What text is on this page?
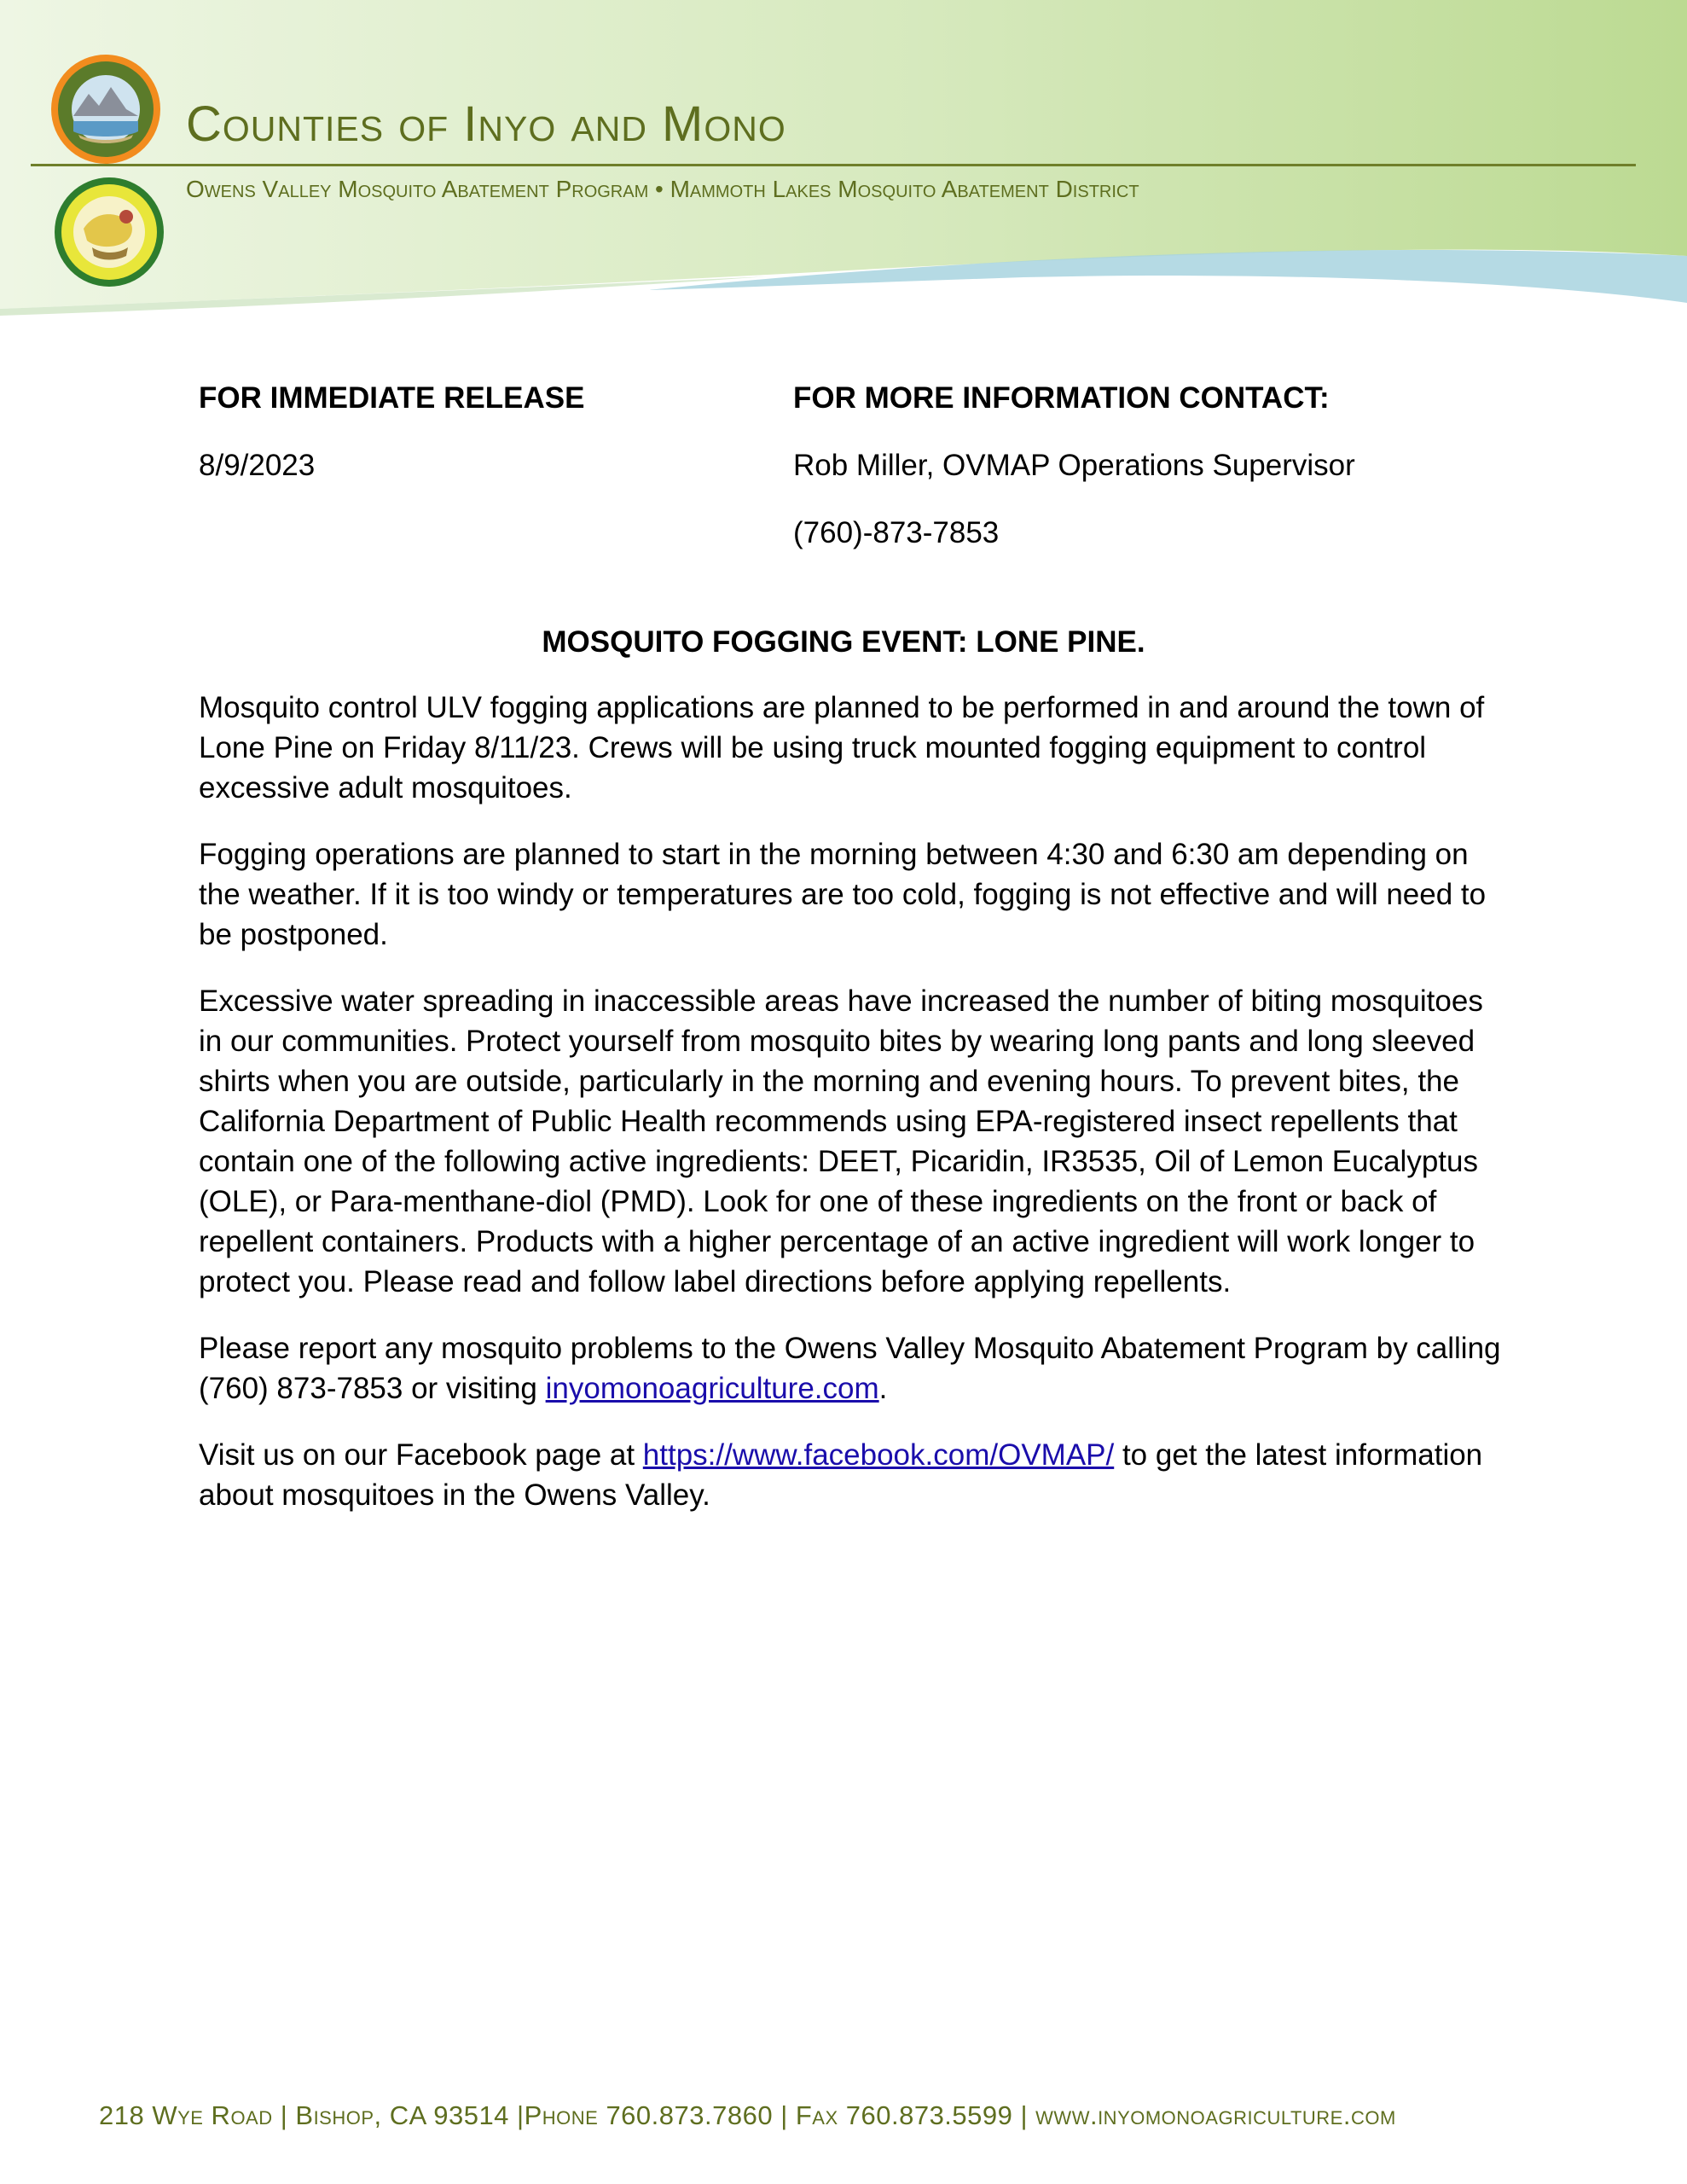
Counties of Inyo and Mono
Owens Valley Mosquito Abatement Program • Mammoth Lakes Mosquito Abatement District
FOR IMMEDIATE RELEASE
8/9/2023
FOR MORE INFORMATION CONTACT:
Rob Miller, OVMAP Operations Supervisor
(760)-873-7853
MOSQUITO FOGGING EVENT: LONE PINE.

Mosquito control ULV fogging applications are planned to be performed in and around the town of Lone Pine on Friday 8/11/23. Crews will be using truck mounted fogging equipment to control excessive adult mosquitoes.

Fogging operations are planned to start in the morning between 4:30 and 6:30 am depending on the weather. If it is too windy or temperatures are too cold, fogging is not effective and will need to be postponed.

Excessive water spreading in inaccessible areas have increased the number of biting mosquitoes in our communities. Protect yourself from mosquito bites by wearing long pants and long sleeved shirts when you are outside, particularly in the morning and evening hours. To prevent bites, the California Department of Public Health recommends using EPA-registered insect repellents that contain one of the following active ingredients: DEET, Picaridin, IR3535, Oil of Lemon Eucalyptus (OLE), or Para-menthane-diol (PMD). Look for one of these ingredients on the front or back of repellent containers. Products with a higher percentage of an active ingredient will work longer to protect you. Please read and follow label directions before applying repellents.

Please report any mosquito problems to the Owens Valley Mosquito Abatement Program by calling (760) 873-7853 or visiting inyomonoagriculture.com.

Visit us on our Facebook page at https://www.facebook.com/OVMAP/ to get the latest information about mosquitoes in the Owens Valley.

218 Wye Road | Bishop, CA 93514 |Phone 760.873.7860 | Fax 760.873.5599 | www.inyomonoagriculture.com
